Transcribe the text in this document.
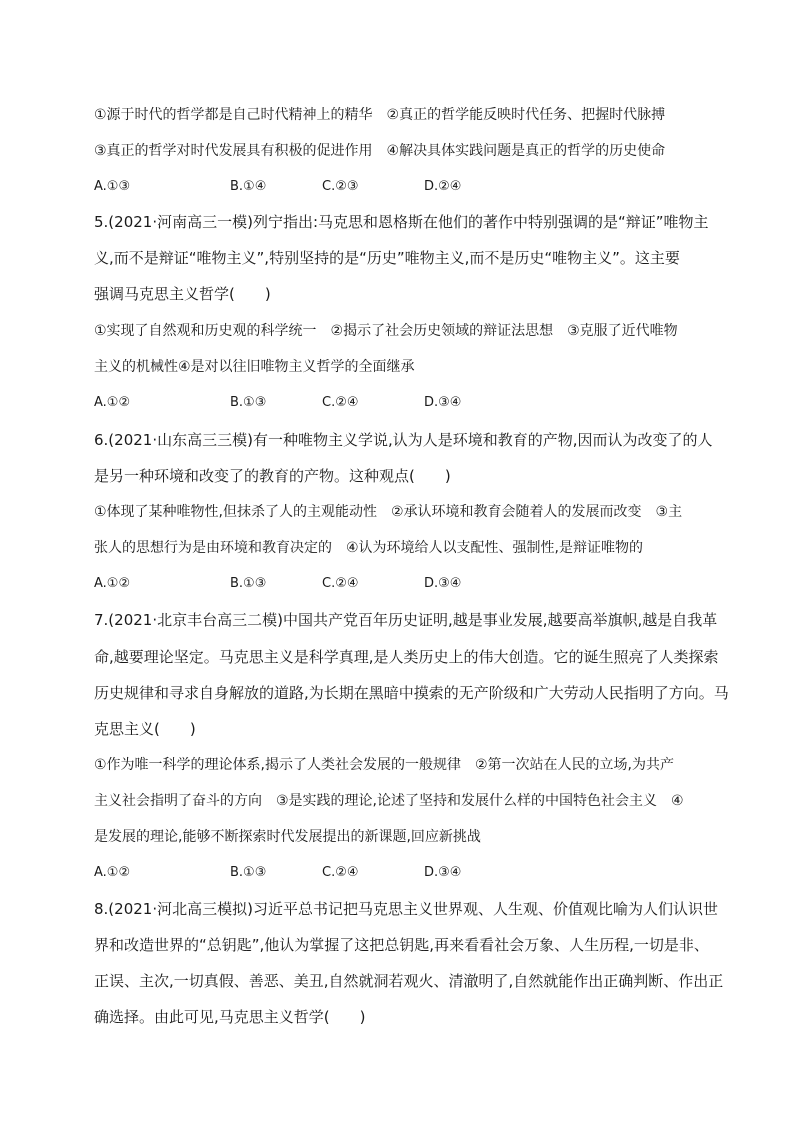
①源于时代的哲学都是自己时代精神上的精华　②真正的哲学能反映时代任务、把握时代脉搏
③真正的哲学对时代发展具有积极的促进作用　④解决具体实践问题是真正的哲学的历史使命
A.①③	B.①④	C.②③	D.②④
5.(2021·河南高三一模)列宁指出:马克思和恩格斯在他们的著作中特别强调的是“辩证”唯物主
义,而不是辩证“唯物主义”,特别坚持的是“历史”唯物主义,而不是历史“唯物主义”。这主要
强调马克思主义哲学(　　)
①实现了自然观和历史观的科学统一　②揭示了社会历史领域的辩证法思想　③克服了近代唯物
主义的机械性④是对以往旧唯物主义哲学的全面继承
A.①②	B.①③	C.②④	D.③④
6.(2021·山东高三三模)有一种唯物主义学说,认为人是环境和教育的产物,因而认为改变了的人
是另一种环境和改变了的教育的产物。这种观点(　　)
①体现了某种唯物性,但抹杀了人的主观能动性　②承认环境和教育会随着人的发展而改变　③主
张人的思想行为是由环境和教育决定的　④认为环境给人以支配性、强制性,是辩证唯物的
A.①②	B.①③	C.②④	D.③④
7.(2021·北京丰台高三二模)中国共产党百年历史证明,越是事业发展,越要高举旗帜,越是自我革
命,越要理论坚定。马克思主义是科学真理,是人类历史上的伟大创造。它的诞生照亮了人类探索
历史规律和寻求自身解放的道路,为长期在黑暗中摸索的无产阶级和广大劳动人民指明了方向。马
克思主义(　　)
①作为唯一科学的理论体系,揭示了人类社会发展的一般规律　②第一次站在人民的立场,为共产
主义社会指明了奋斗的方向　③是实践的理论,论述了坚持和发展什么样的中国特色社会主义　④
是发展的理论,能够不断探索时代发展提出的新课题,回应新挑战
A.①②	B.①③	C.②④	D.③④
8.(2021·河北高三模拟)习近平总书记把马克思主义世界观、人生观、价值观比喻为人们认识世
界和改造世界的“总钥匙”,他认为掌握了这把总钥匙,再来看看社会万象、人生历程,一切是非、
正误、主次,一切真假、善恶、美丑,自然就洞若观火、清澈明了,自然就能作出正确判断、作出正
确选择。由此可见,马克思主义哲学(　　)
